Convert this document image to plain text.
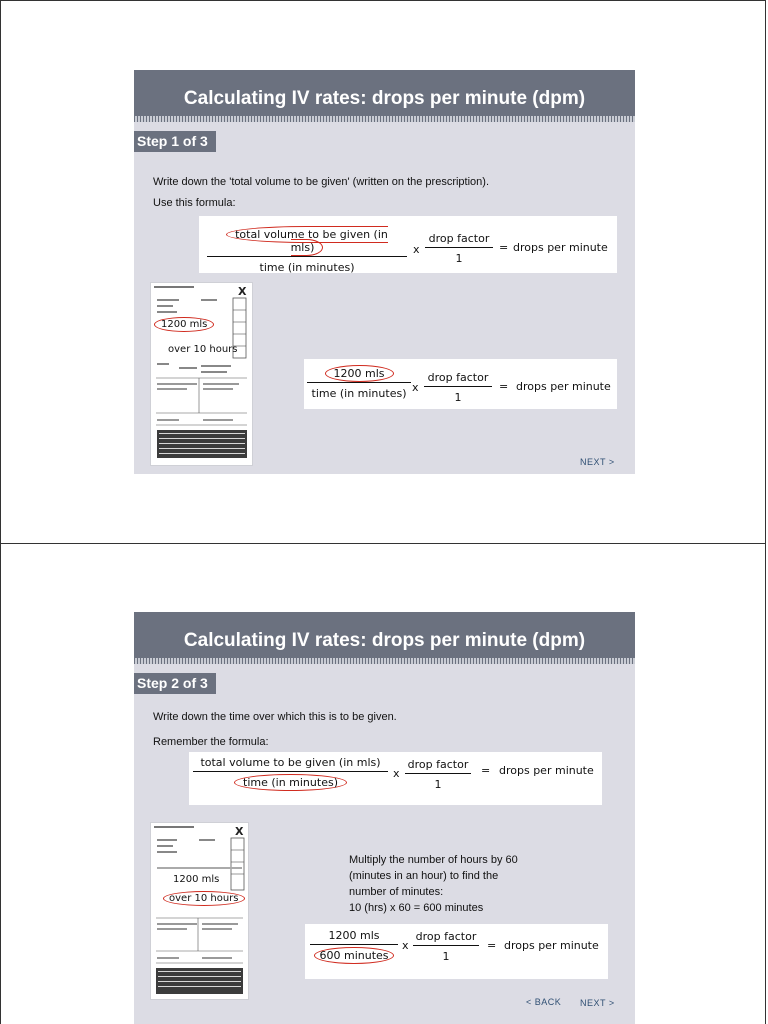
Calculating IV rates: drops per minute (dpm)
Step 1 of 3
Write down the 'total volume to be given' (written on the prescription).
Use this formula:
total volume to be given (in mls)
time (in minutes)
x
drop factor
1
= drops per minute
X
1200 mls
over 10 hours
1200 mls
time (in minutes) x
drop factor
1
= drops per minute
NEXT >
Calculating IV rates: drops per minute (dpm)
Step 2 of 3
Write down the time over which this is to be given.
Remember the formula:
total volume to be given (in mls)
time (in minutes)
x
drop factor
1
= drops per minute
X
1200 mls
over 10 hours
Multiply the number of hours by 60
(minutes in an hour) to find the
number of minutes:
10 (hrs) x 60 = 600 minutes
1200 mls
600 minutes
x
drop factor
1
= drops per minute
< BACK NEXT >
